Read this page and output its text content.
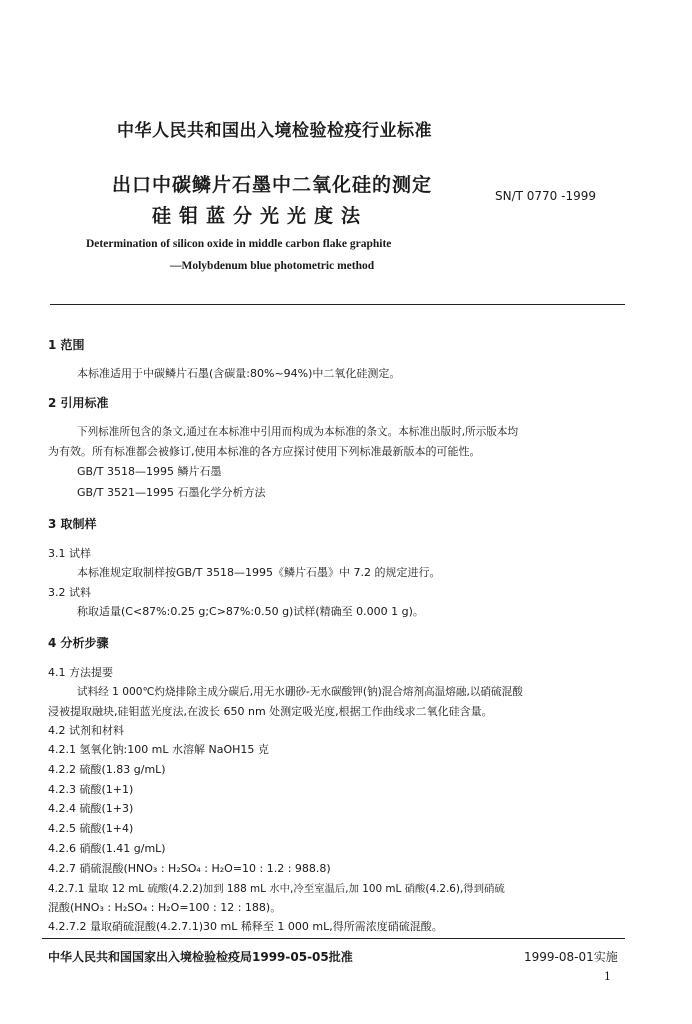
中华人民共和国出入境检验检疫行业标准
出口中碳鳞片石墨中二氧化硅的测定
硅钼蓝分光光度法
SN/T 0770 -1999
Determination of silicon oxide in middle carbon flake graphite
—Molybdenum blue photometric method
1 范围
本标准适用于中碳鳞片石墨(含碳量:80%~94%)中二氧化硅测定。
2 引用标准
下列标准所包含的条文,通过在本标准中引用而构成为本标准的条文。本标准出版时,所示版本均
为有效。所有标准都会被修订,使用本标准的各方应探讨使用下列标准最新版本的可能性。
GB/T 3518—1995 鳞片石墨
GB/T 3521—1995 石墨化学分析方法
3 取制样
3.1 试样
本标准规定取制样按GB/T 3518—1995《鳞片石墨》中 7.2 的规定进行。
3.2 试料
称取适量(C<87%:0.25 g;C>87%:0.50 g)试样(精确至 0.000 1 g)。
4 分析步骤
4.1 方法提要
试料经 1 000℃灼烧排除主成分碳后,用无水硼砂-无水碳酸钾(钠)混合熔剂高温熔融,以硝硫混酸
浸被提取融块,硅钼蓝光度法,在波长 650 nm 处测定吸光度,根据工作曲线求二氧化硅含量。
4.2 试剂和材料
4.2.1 氢氧化钠:100 mL 水溶解 NaOH15 克
4.2.2 硫酸(1.83 g/mL)
4.2.3 硫酸(1+1)
4.2.4 硫酸(1+3)
4.2.5 硫酸(1+4)
4.2.6 硝酸(1.41 g/mL)
4.2.7 硝硫混酸(HNO₃ : H₂SO₄ : H₂O=10 : 1.2 : 988.8)
4.2.7.1 量取 12 mL 硫酸(4.2.2)加到 188 mL 水中,冷至室温后,加 100 mL 硝酸(4.2.6),得到硝硫
混酸(HNO₃ : H₂SO₄ : H₂O=100 : 12 : 188)。
4.2.7.2 量取硝硫混酸(4.2.7.1)30 mL 稀释至 1 000 mL,得所需浓度硝硫混酸。
中华人民共和国国家出入境检验检疫局1999-05-05批准	1999-08-01实施
1
